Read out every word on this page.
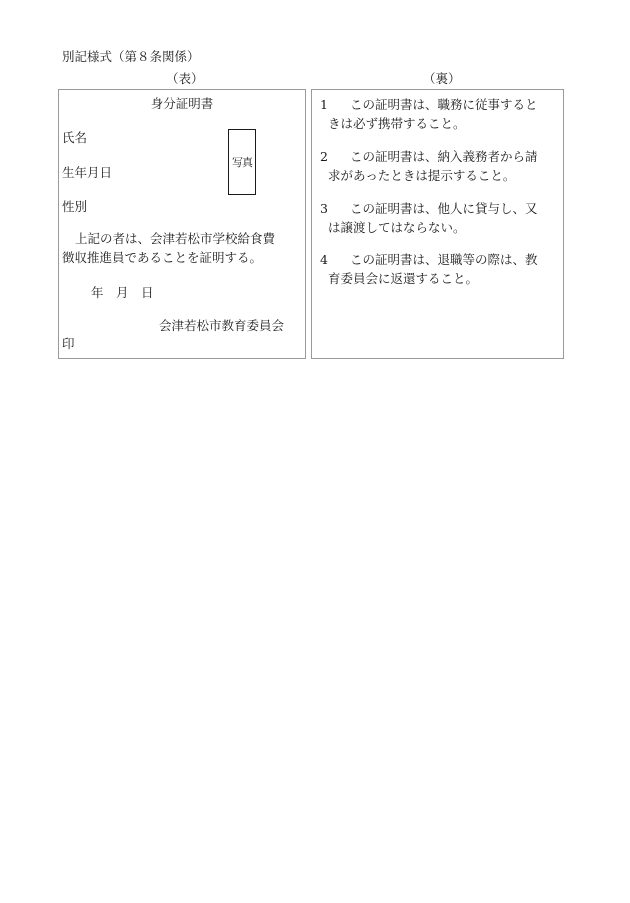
別記様式（第８条関係）
（表）	（裏）
身分証明書
氏名
生年月日
性別
写真
上記の者は、会津若松市学校給食費
徴収推進員であることを証明する。
年　月　日
会津若松市教育委員会
印
1 この証明書は、職務に従事すると
きは必ず携帯すること。
2 この証明書は、納入義務者から請
求があったときは提示すること。
3 この証明書は、他人に貸与し、又
は譲渡してはならない。
4 この証明書は、退職等の際は、教
育委員会に返還すること。
